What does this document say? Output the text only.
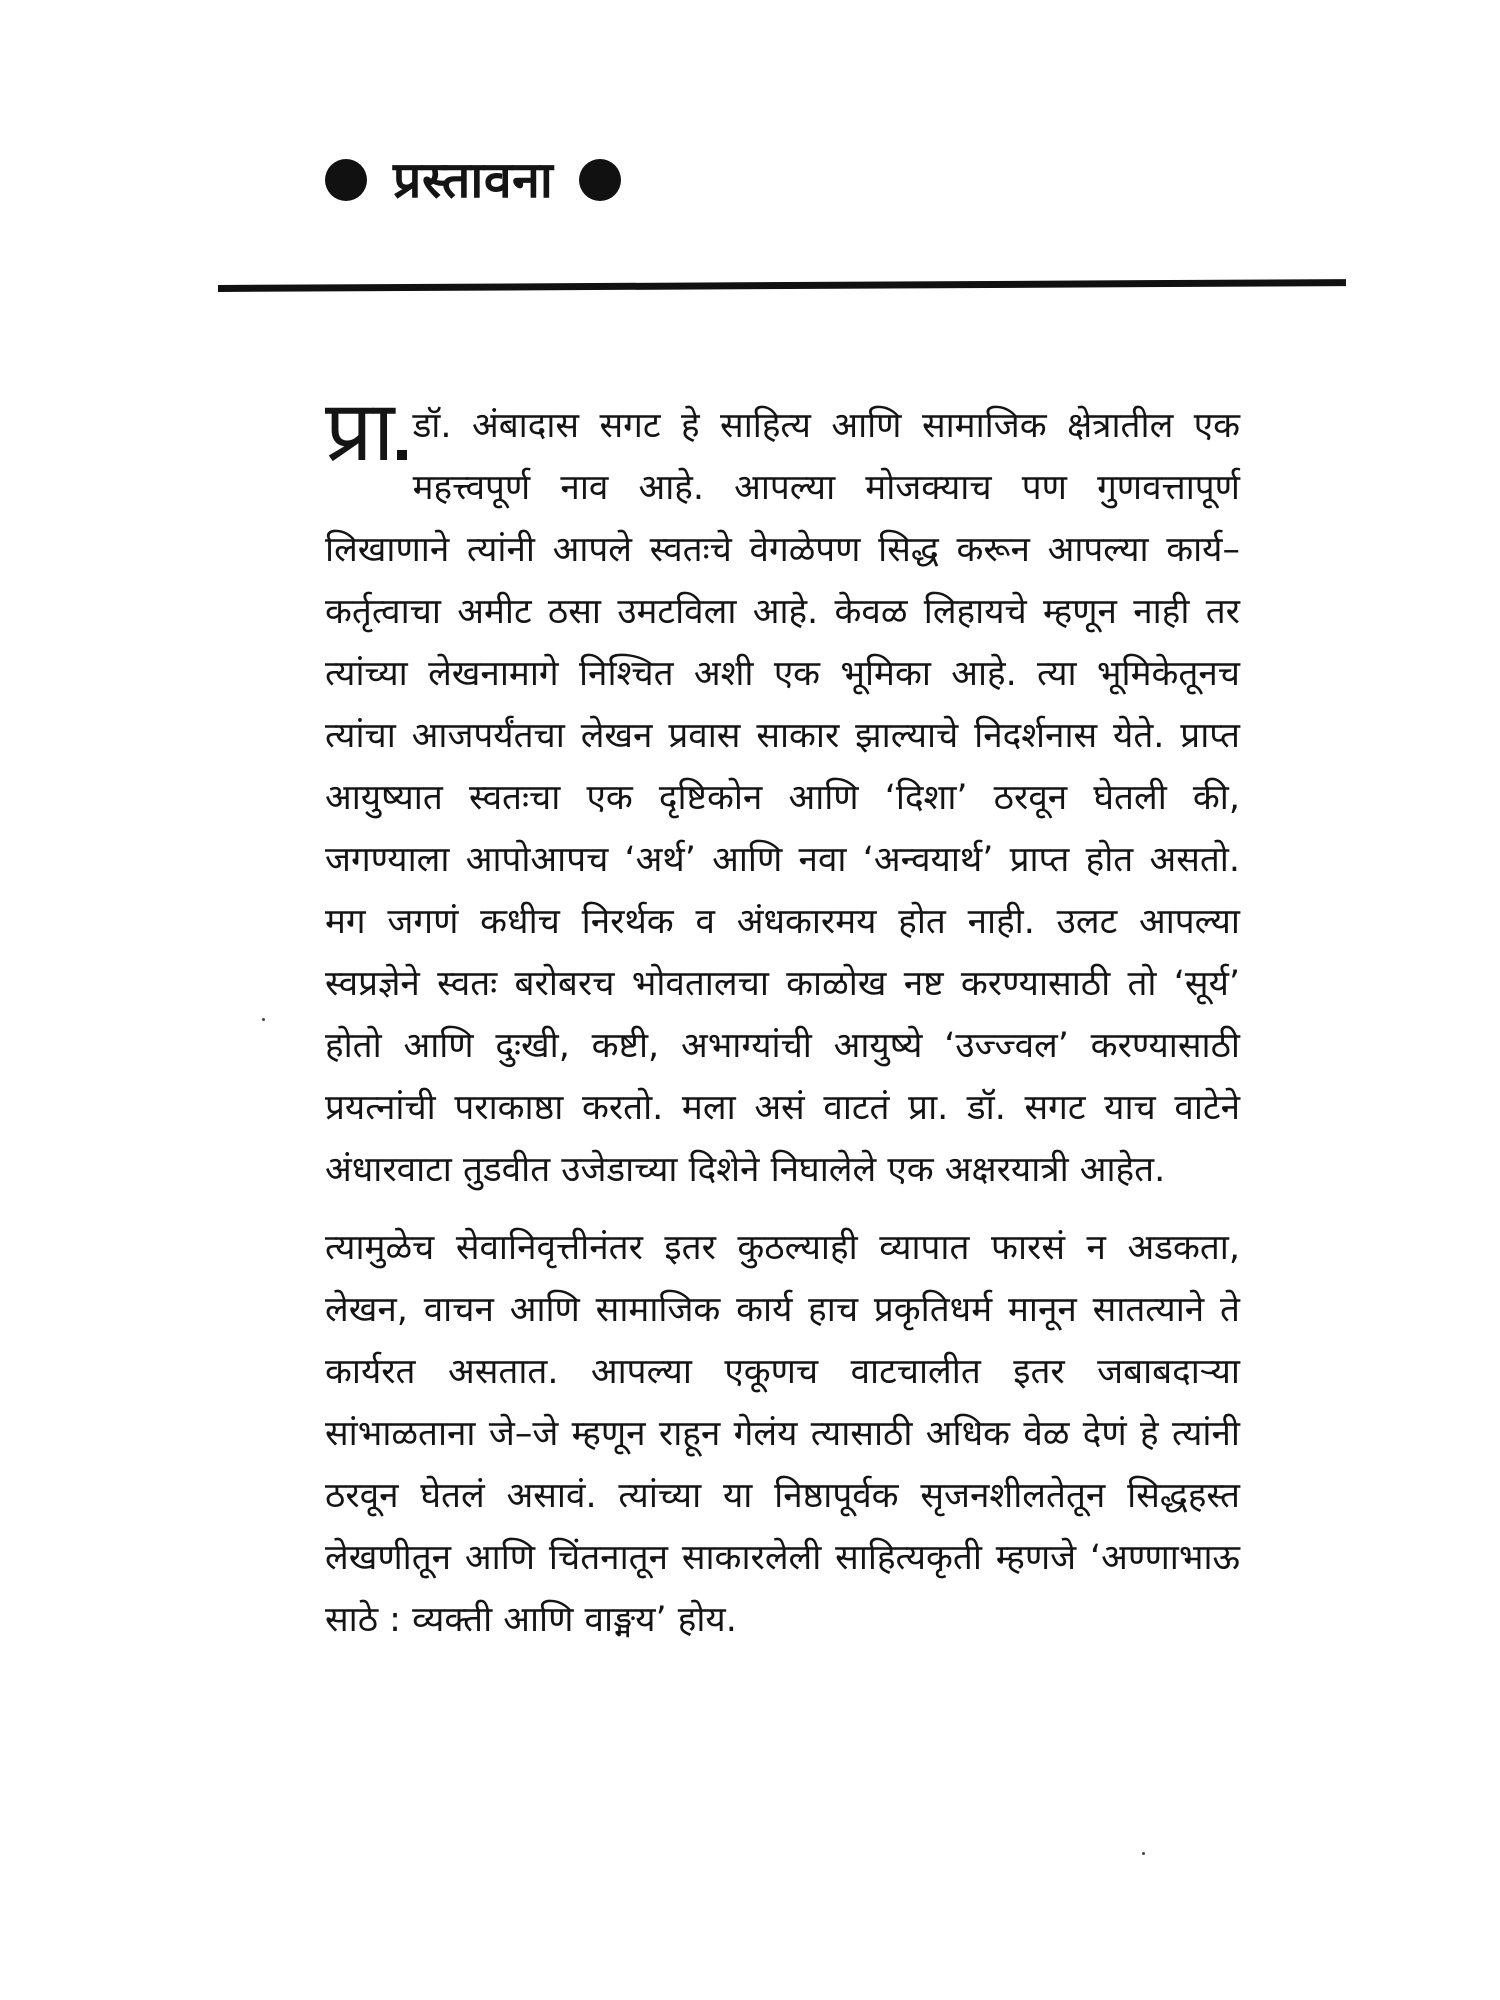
प्रस्तावना

प्रा डॉ. अंबादास सगट हे साहित्य आणि सामाजिक क्षेत्रातील एक महत्त्वपूर्ण नाव आहे. आपल्या मोजक्याच पण गुणवत्तापूर्ण लिखाणाने त्यांनी आपले स्वतःचे वेगळेपण सिद्ध करून आपल्या कार्य–कर्तृत्वाचा अमीट ठसा उमटविला आहे. केवळ लिहायचे म्हणून नाही तर त्यांच्या लेखनामागे निश्चित अशी एक भूमिका आहे. त्या भूमिकेतूनच त्यांचा आजपर्यंतचा लेखन प्रवास साकार झाल्याचे निदर्शनास येते. प्राप्त आयुष्यात स्वतःचा एक दृष्टिकोन आणि ‘दिशा’ ठरवून घेतली की, जगण्याला आपोआपच ‘अर्थ’ आणि नवा ‘अन्वयार्थ’ प्राप्त होत असतो. मग जगणं कधीच निरर्थक व अंधकारमय होत नाही. उलट आपल्या स्वप्रज्ञेने स्वतः बरोबरच भोवतालचा काळोख नष्ट करण्यासाठी तो ‘सूर्य’ होतो आणि दुःखी, कष्टी, अभाग्यांची आयुष्ये ‘उज्ज्वल’ करण्यासाठी प्रयत्नांची पराकाष्ठा करतो. मला असं वाटतं प्रा. डॉ. सगट याच वाटेने अंधारवाटा तुडवीत उजेडाच्या दिशेने निघालेले एक अक्षरयात्री आहेत.

त्यामुळेच सेवानिवृत्तीनंतर इतर कुठल्याही व्यापात फारसं न अडकता, लेखन, वाचन आणि सामाजिक कार्य हाच प्रकृतिधर्म मानून सातत्याने ते कार्यरत असतात. आपल्या एकूणच वाटचालीत इतर जबाबदाऱ्या सांभाळताना जे–जे म्हणून राहून गेलंय त्यासाठी अधिक वेळ देणं हे त्यांनी ठरवून घेतलं असावं. त्यांच्या या निष्ठापूर्वक सृजनशीलतेतून सिद्धहस्त लेखणीतून आणि चिंतनातून साकारलेली साहित्यकृती म्हणजे ‘अण्णाभाऊ साठे : व्यक्ती आणि वाङ्मय’ होय.
